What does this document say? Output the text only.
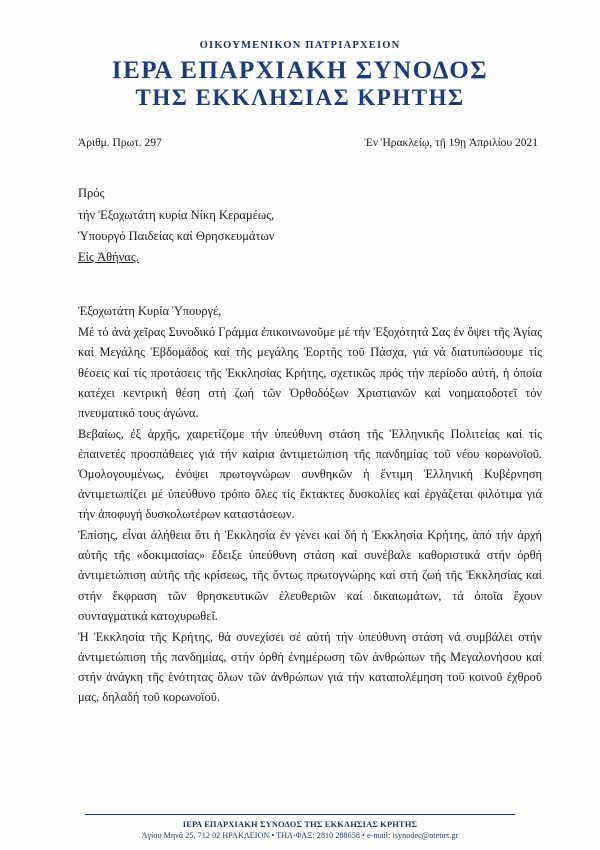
ΟΙΚΟΥΜΕΝΙΚΟΝ ΠΑΤΡΙΑΡΧΕΙΟΝ
ΙΕΡΑ ΕΠΑΡΧΙΑΚΗ ΣΥΝΟΔΟΣ
ΤΗΣ ΕΚΚΛΗΣΙΑΣ ΚΡΗΤΗΣ
Ἀριθμ. Πρωτ. 297	Ἐν Ἡρακλείῳ, τῇ 19ῃ Ἀπριλίου 2021
Πρός
τήν Ἐξοχωτάτη κυρία Νίκη Κεραμέως,
Ὑπουργό Παιδείας καί Θρησκευμάτων
Εἰς Ἀθήνας.

Ἐξοχωτάτη Κυρία Ὑπουργέ,

Μέ τό ἀνά χεῖρας Συνοδικό Γράμμα ἐπικοινωνοῦμε μέ τήν Ἐξοχότητά Σας ἐν ὄψει τῆς Ἁγίας καί Μεγάλης Ἑβδομάδος καί τῆς μεγάλης Ἑορτῆς τοῦ Πάσχα, γιά νά διατυπώσουμε τίς θέσεις καί τίς προτάσεις τῆς Ἐκκλησίας Κρήτης, σχετικῶς πρός τήν περίοδο αὐτή, ἡ ὁποία κατέχει κεντρική θέση στή ζωή τῶν Ὀρθοδόξων Χριστιανῶν καί νοηματοδοτεῖ τόν πνευματικό τους ἀγώνα.

Βεβαίως, ἐξ ἀρχῆς, χαιρετίζομε τήν ὑπεύθυνη στάση τῆς Ἑλληνικῆς Πολιτείας καί τίς ἐπαινετές προσπάθειες γιά τήν καίρια ἀντιμετώπιση τῆς πανδημίας τοῦ νέου κορωνοϊοῦ. Ὁμολογουμένως, ἐνόψει πρωτογνώρων συνθηκῶν ἡ ἔντιμη Ἑλληνική Κυβέρνηση ἀντιμετωπίζει μέ ὑπεύθυνο τρόπο ὅλες τίς ἔκτακτες δυσκολίες καί ἐργάζεται φιλότιμα γιά τήν ἀποφυγή δυσκολωτέρων καταστάσεων.

Ἐπίσης, εἶναι ἀλήθεια ὅτι ἡ Ἐκκλησία ἐν γένει καί δή ἡ Ἐκκλησία Κρήτης, ἀπό τήν ἀρχή αὐτῆς τῆς «δοκιμασίας» ἔδειξε ὑπεύθυνη στάση καί συνέβαλε καθοριστικά στήν ὀρθή ἀντιμετώπιση αὐτῆς τῆς κρίσεως, τῆς ὄντως πρωτογνώρης καί στή ζωή τῆς Ἐκκλησίας καί στήν ἔκφραση τῶν θρησκευτικῶν ἐλευθεριῶν καί δικαιωμάτων, τά ὁποῖα ἔχουν συνταγματικά κατοχυρωθεῖ.

Ἡ Ἐκκλησία τῆς Κρήτης, θά συνεχίσει σέ αὐτή τήν ὑπεύθυνη στάση νά συμβάλει στήν ἀντιμετώπιση τῆς πανδημίας, στήν ὀρθή ἐνημέρωση τῶν ἀνθρώπων τῆς Μεγαλονήσου καί στήν ἀνάγκη τῆς ἑνότητας ὅλων τῶν ἀνθρώπων γιά τήν καταπολέμηση τοῦ κοινοῦ ἐχθροῦ μας, δηλαδή τοῦ κορωνοϊοῦ.

ΙΕΡΑ ΕΠΑΡΧΙΑΚΗ ΣΥΝΟΔΟΣ ΤΗΣ ΕΚΚΛΗΣΙΑΣ ΚΡΗΤΗΣ
Ἁγίου Μηνᾶ 25, 712 02 ΗΡΑΚΛΕΙΟΝ • ΤΗΛ-ΦΑΞ: 2810 288658 • e-mail: isynodec@otenet.gr
